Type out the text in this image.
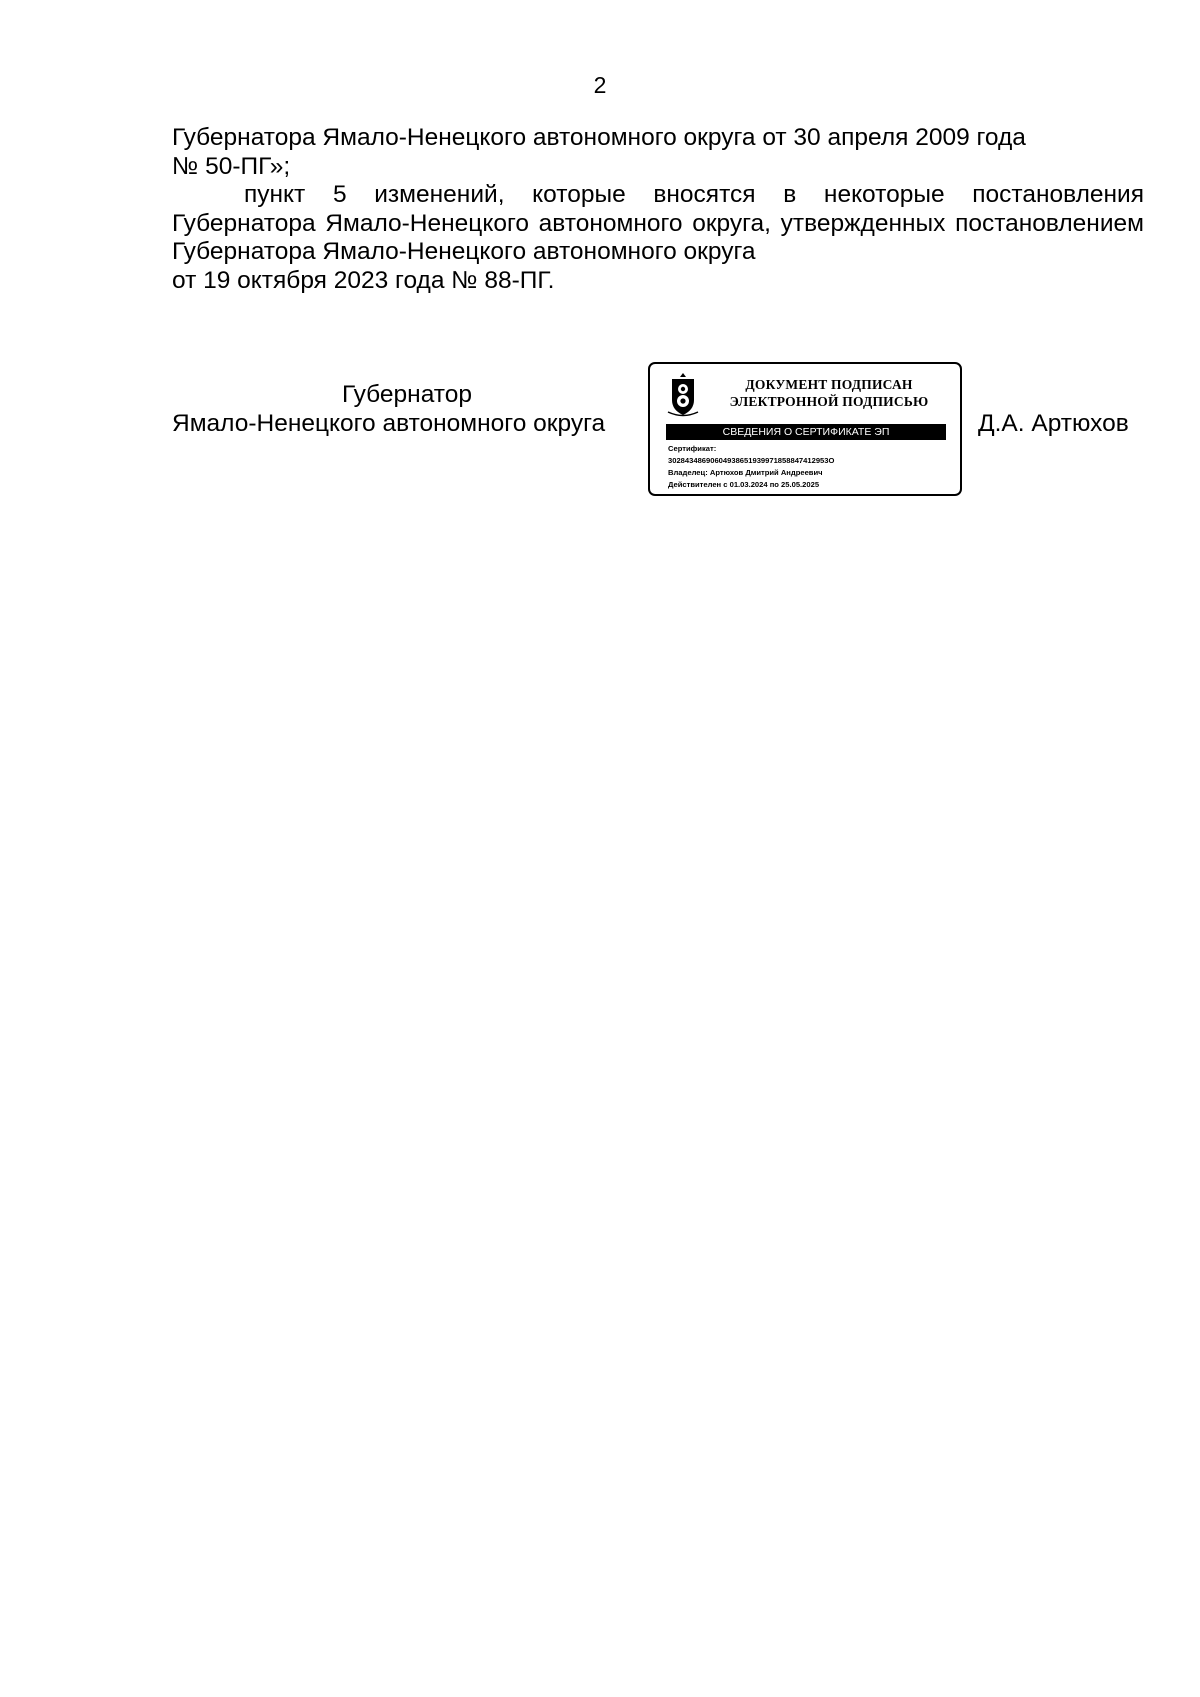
2

Губернатора Ямало-Ненецкого автономного округа от 30 апреля 2009 года
№ 50-ПГ»;

пункт 5 изменений, которые вносятся в некоторые постановления Губернатора Ямало-Ненецкого автономного округа, утвержденных постановлением Губернатора Ямало-Ненецкого автономного округа
от 19 октября 2023 года № 88-ПГ.

Губернатор
Ямало-Ненецкого автономного округа
ДОКУМЕНТ ПОДПИСАН
ЭЛЕКТРОННОЙ ПОДПИСЬЮ
СВЕДЕНИЯ О СЕРТИФИКАТЕ ЭП
Сертификат:
30284348690604938651939971858847412953O
Владелец: Артюхов Дмитрий Андреевич
Действителен с 01.03.2024 по 25.05.2025
Д.А. Артюхов
